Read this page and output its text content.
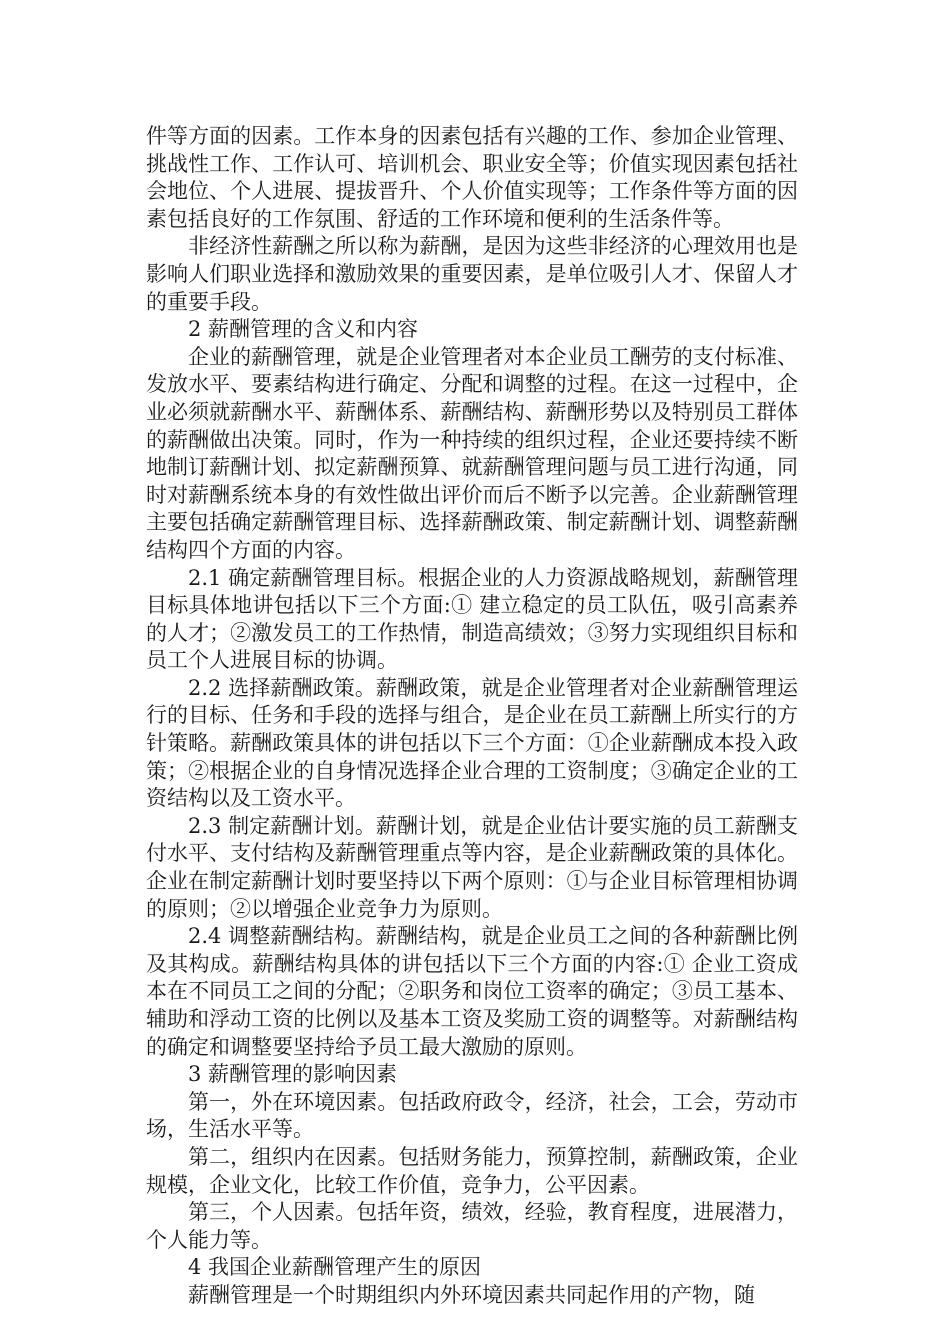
件等方面的因素。工作本身的因素包括有兴趣的工作、参加企业管理、挑战性工作、工作认可、培训机会、职业安全等；价值实现因素包括社会地位、个人进展、提拔晋升、个人价值实现等；工作条件等方面的因素包括良好的工作氛围、舒适的工作环境和便利的生活条件等。

非经济性薪酬之所以称为薪酬，是因为这些非经济的心理效用也是影响人们职业选择和激励效果的重要因素，是单位吸引人才、保留人才的重要手段。

2 薪酬管理的含义和内容

企业的薪酬管理，就是企业管理者对本企业员工酬劳的支付标准、发放水平、要素结构进行确定、分配和调整的过程。在这一过程中，企业必须就薪酬水平、薪酬体系、薪酬结构、薪酬形势以及特别员工群体的薪酬做出决策。同时，作为一种持续的组织过程，企业还要持续不断地制订薪酬计划、拟定薪酬预算、就薪酬管理问题与员工进行沟通，同时对薪酬系统本身的有效性做出评价而后不断予以完善。企业薪酬管理主要包括确定薪酬管理目标、选择薪酬政策、制定薪酬计划、调整薪酬结构四个方面的内容。

2.1 确定薪酬管理目标。根据企业的人力资源战略规划，薪酬管理目标具体地讲包括以下三个方面:① 建立稳定的员工队伍，吸引高素养的人才；②激发员工的工作热情，制造高绩效；③努力实现组织目标和员工个人进展目标的协调。

2.2 选择薪酬政策。薪酬政策，就是企业管理者对企业薪酬管理运行的目标、任务和手段的选择与组合，是企业在员工薪酬上所实行的方针策略。薪酬政策具体的讲包括以下三个方面：①企业薪酬成本投入政策；②根据企业的自身情况选择企业合理的工资制度；③确定企业的工资结构以及工资水平。

2.3 制定薪酬计划。薪酬计划，就是企业估计要实施的员工薪酬支付水平、支付结构及薪酬管理重点等内容，是企业薪酬政策的具体化。企业在制定薪酬计划时要坚持以下两个原则：①与企业目标管理相协调的原则；②以增强企业竞争力为原则。

2.4 调整薪酬结构。薪酬结构，就是企业员工之间的各种薪酬比例及其构成。薪酬结构具体的讲包括以下三个方面的内容:① 企业工资成本在不同员工之间的分配；②职务和岗位工资率的确定；③员工基本、辅助和浮动工资的比例以及基本工资及奖励工资的调整等。对薪酬结构的确定和调整要坚持给予员工最大激励的原则。

3 薪酬管理的影响因素

第一，外在环境因素。包括政府政令，经济，社会，工会，劳动市场，生活水平等。

第二，组织内在因素。包括财务能力，预算控制，薪酬政策，企业规模，企业文化，比较工作价值，竞争力，公平因素。

第三，个人因素。包括年资，绩效，经验，教育程度，进展潜力，个人能力等。

4 我国企业薪酬管理产生的原因

薪酬管理是一个时期组织内外环境因素共同起作用的产物，随
